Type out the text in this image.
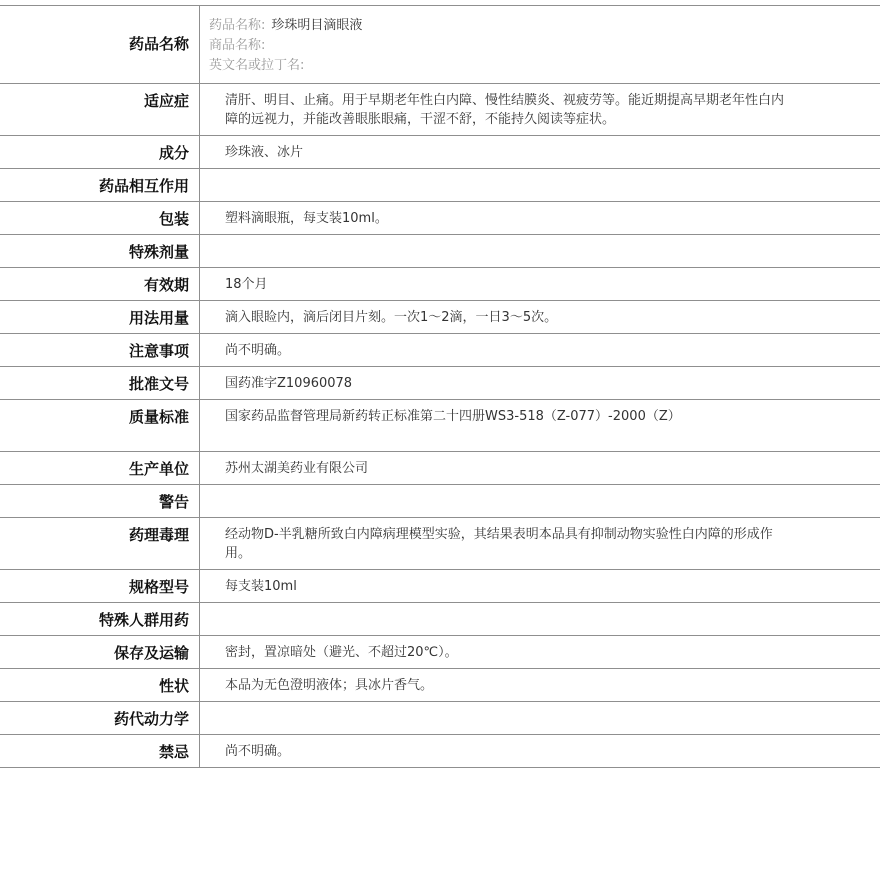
药品名称
药品名称: 珍珠明目滴眼液
商品名称:
英文名或拉丁名:
适应症	清肝、明目、止痛。用于早期老年性白内障、慢性结膜炎、视疲劳等。能近期提高早期老年性白内障的远视力，并能改善眼胀眼痛，干涩不舒，不能持久阅读等症状。
成分	珍珠液、冰片
药品相互作用
包装	塑料滴眼瓶，每支装10ml。
特殊剂量
有效期	18个月
用法用量	滴入眼睑内，滴后闭目片刻。一次1～2滴，一日3～5次。
注意事项	尚不明确。
批准文号	国药准字Z10960078
质量标准	国家药品监督管理局新药转正标准第二十四册WS3-518（Z-077）-2000（Z）
生产单位	苏州太湖美药业有限公司
警告
药理毒理	经动物D-半乳糖所致白内障病理模型实验，其结果表明本品具有抑制动物实验性白内障的形成作用。
规格型号	每支装10ml
特殊人群用药
保存及运输	密封，置凉暗处（避光、不超过20℃）。
性状	本品为无色澄明液体；具冰片香气。
药代动力学
禁忌	尚不明确。
